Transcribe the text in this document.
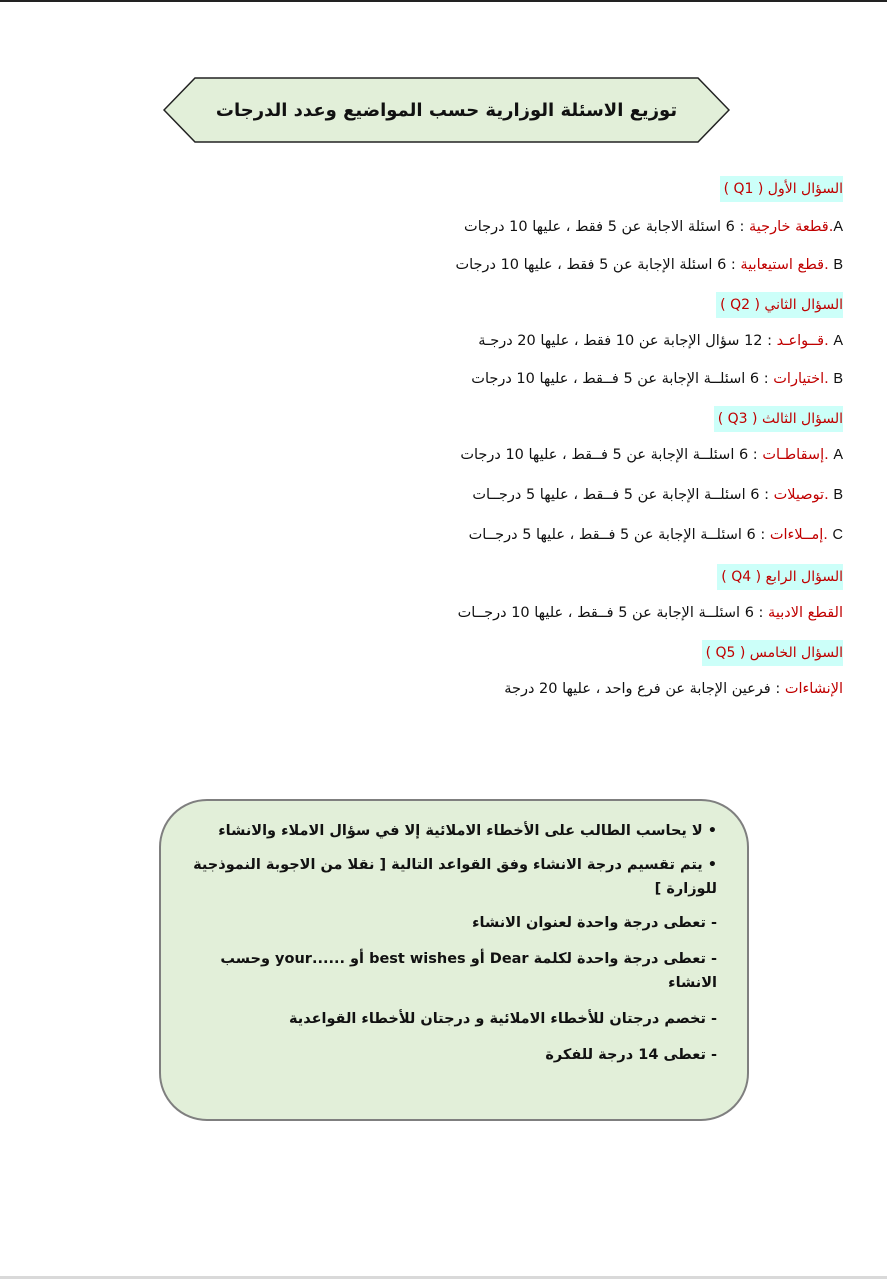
توزيع الاسئلة الوزارية حسب المواضيع وعدد الدرجات
السؤال الأول ( Q1 )
A.قطعة خارجية : 6 اسئلة الاجابة عن 5 فقط ، عليها 10 درجات
B .قطع استيعابية : 6 اسئلة الإجابة عن 5 فقط ، عليها 10 درجات
السؤال الثاني ( Q2 )
A .قــواعـد : 12 سؤال الإجابة عن 10 فقط ، عليها 20 درجـة
B .اختيارات : 6 اسئلــة الإجابة عن 5 فــقط ، عليها 10 درجات
السؤال الثالث ( Q3 )
A .إسقاطـات : 6 اسئلــة الإجابة عن 5 فــقط ، عليها 10 درجات
B .توصيلات : 6 اسئلــة الإجابة عن 5 فــقط ، عليها 5 درجــات
C .إمــلاءات : 6 اسئلــة الإجابة عن 5 فــقط ، عليها 5 درجــات
السؤال الرابع ( Q4 )
القطع الادبية : 6 اسئلــة الإجابة عن 5 فــقط ، عليها 10 درجــات
السؤال الخامس ( Q5 )
الإنشاءات : فرعين الإجابة عن فرع واحد ، عليها 20 درجة

• لا يحاسب الطالب على الأخطاء الاملائية إلا في سؤال الاملاء والانشاء

• يتم تقسيم درجة الانشاء وفق القواعد التالية [ نقلا من الاجوبة النموذجية للوزارة ]

- تعطى درجة واحدة لعنوان الانشاء

- تعطى درجة واحدة لكلمة Dear أو best wishes أو ......your وحسب الانشاء

- تخصم درجتان للأخطاء الاملائية و درجتان للأخطاء القواعدية

- تعطى 14 درجة للفكرة
